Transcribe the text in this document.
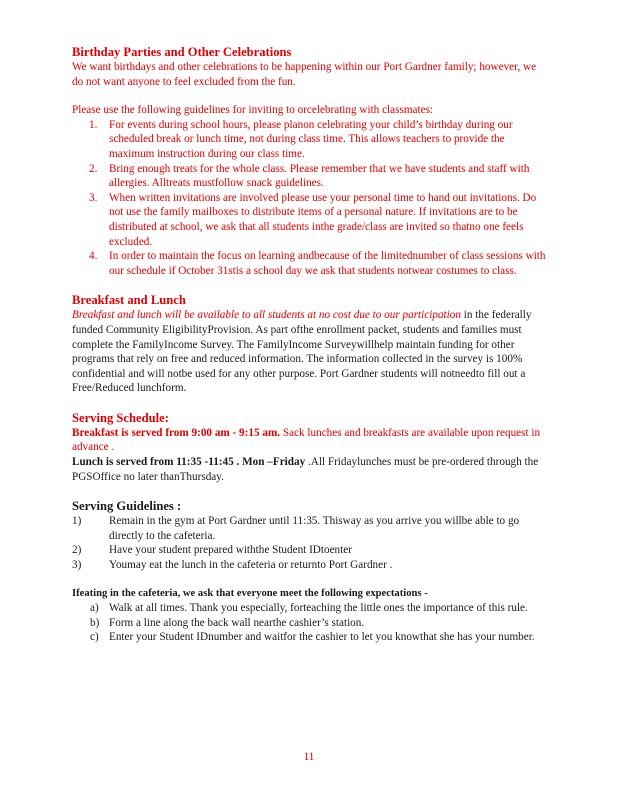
Birthday Parties and Other Celebrations

We want birthdays and other celebrations to be happening within our Port Gardner family; however, we do not want anyone to feel excluded from the fun.

Please use the following guidelines for inviting to orcelebrating with classmates:

1. For events during school hours, please planon celebrating your child’s birthday during our scheduled break or lunch time, not during class time. This allows teachers to provide the maximum instruction during our class time.
2. Bring enough treats for the whole class. Please remember that we have students and staff with allergies. Alltreats mustfollow snack guidelines.
3. When written invitations are involved please use your personal time to hand out invitations. Do not use the family mailboxes to distribute items of a personal nature. If invitations are to be distributed at school, we ask that all students inthe grade/class are invited so thatno one feels excluded.
4. In order to maintain the focus on learning andbecause of the limitednumber of class sessions with our schedule if October 31stis a school day we ask that students notwear costumes to class.
Breakfast and Lunch

Breakfast and lunch will be available to all students at no cost due to our participation in the federally funded Community EligibilityProvision. As part ofthe enrollment packet, students and families must complete the FamilyIncome Survey. The FamilyIncome Surveywillhelp maintain funding for other programs that rely on free and reduced information. The information collected in the survey is 100% confidential and will notbe used for any other purpose. Port Gardner students will notneedto fill out a Free/Reduced lunchform.

Serving Schedule:

Breakfast is served from 9:00 am - 9:15 am. Sack lunches and breakfasts are available upon request in advance .

Lunch is served from 11:35 -11:45 . Mon –Friday .All Fridaylunches must be pre-ordered through the PGSOffice no later thanThursday.

Serving Guidelines :
1) Remain in the gym at Port Gardner until 11:35. Thisway as you arrive you willbe able to go directly to the cafeteria.
2) Have your student prepared withthe Student IDtoenter
3) Youmay eat the lunch in the cafeteria or returnto Port Gardner .

Ifeating in the cafeteria, we ask that everyone meet the following expectations -

a) Walk at all times. Thank you especially, forteaching the little ones the importance of this rule.
b) Form a line along the back wall nearthe cashier’s station.
c) Enter your Student IDnumber and waitfor the cashier to let you knowthat she has your number.
11
